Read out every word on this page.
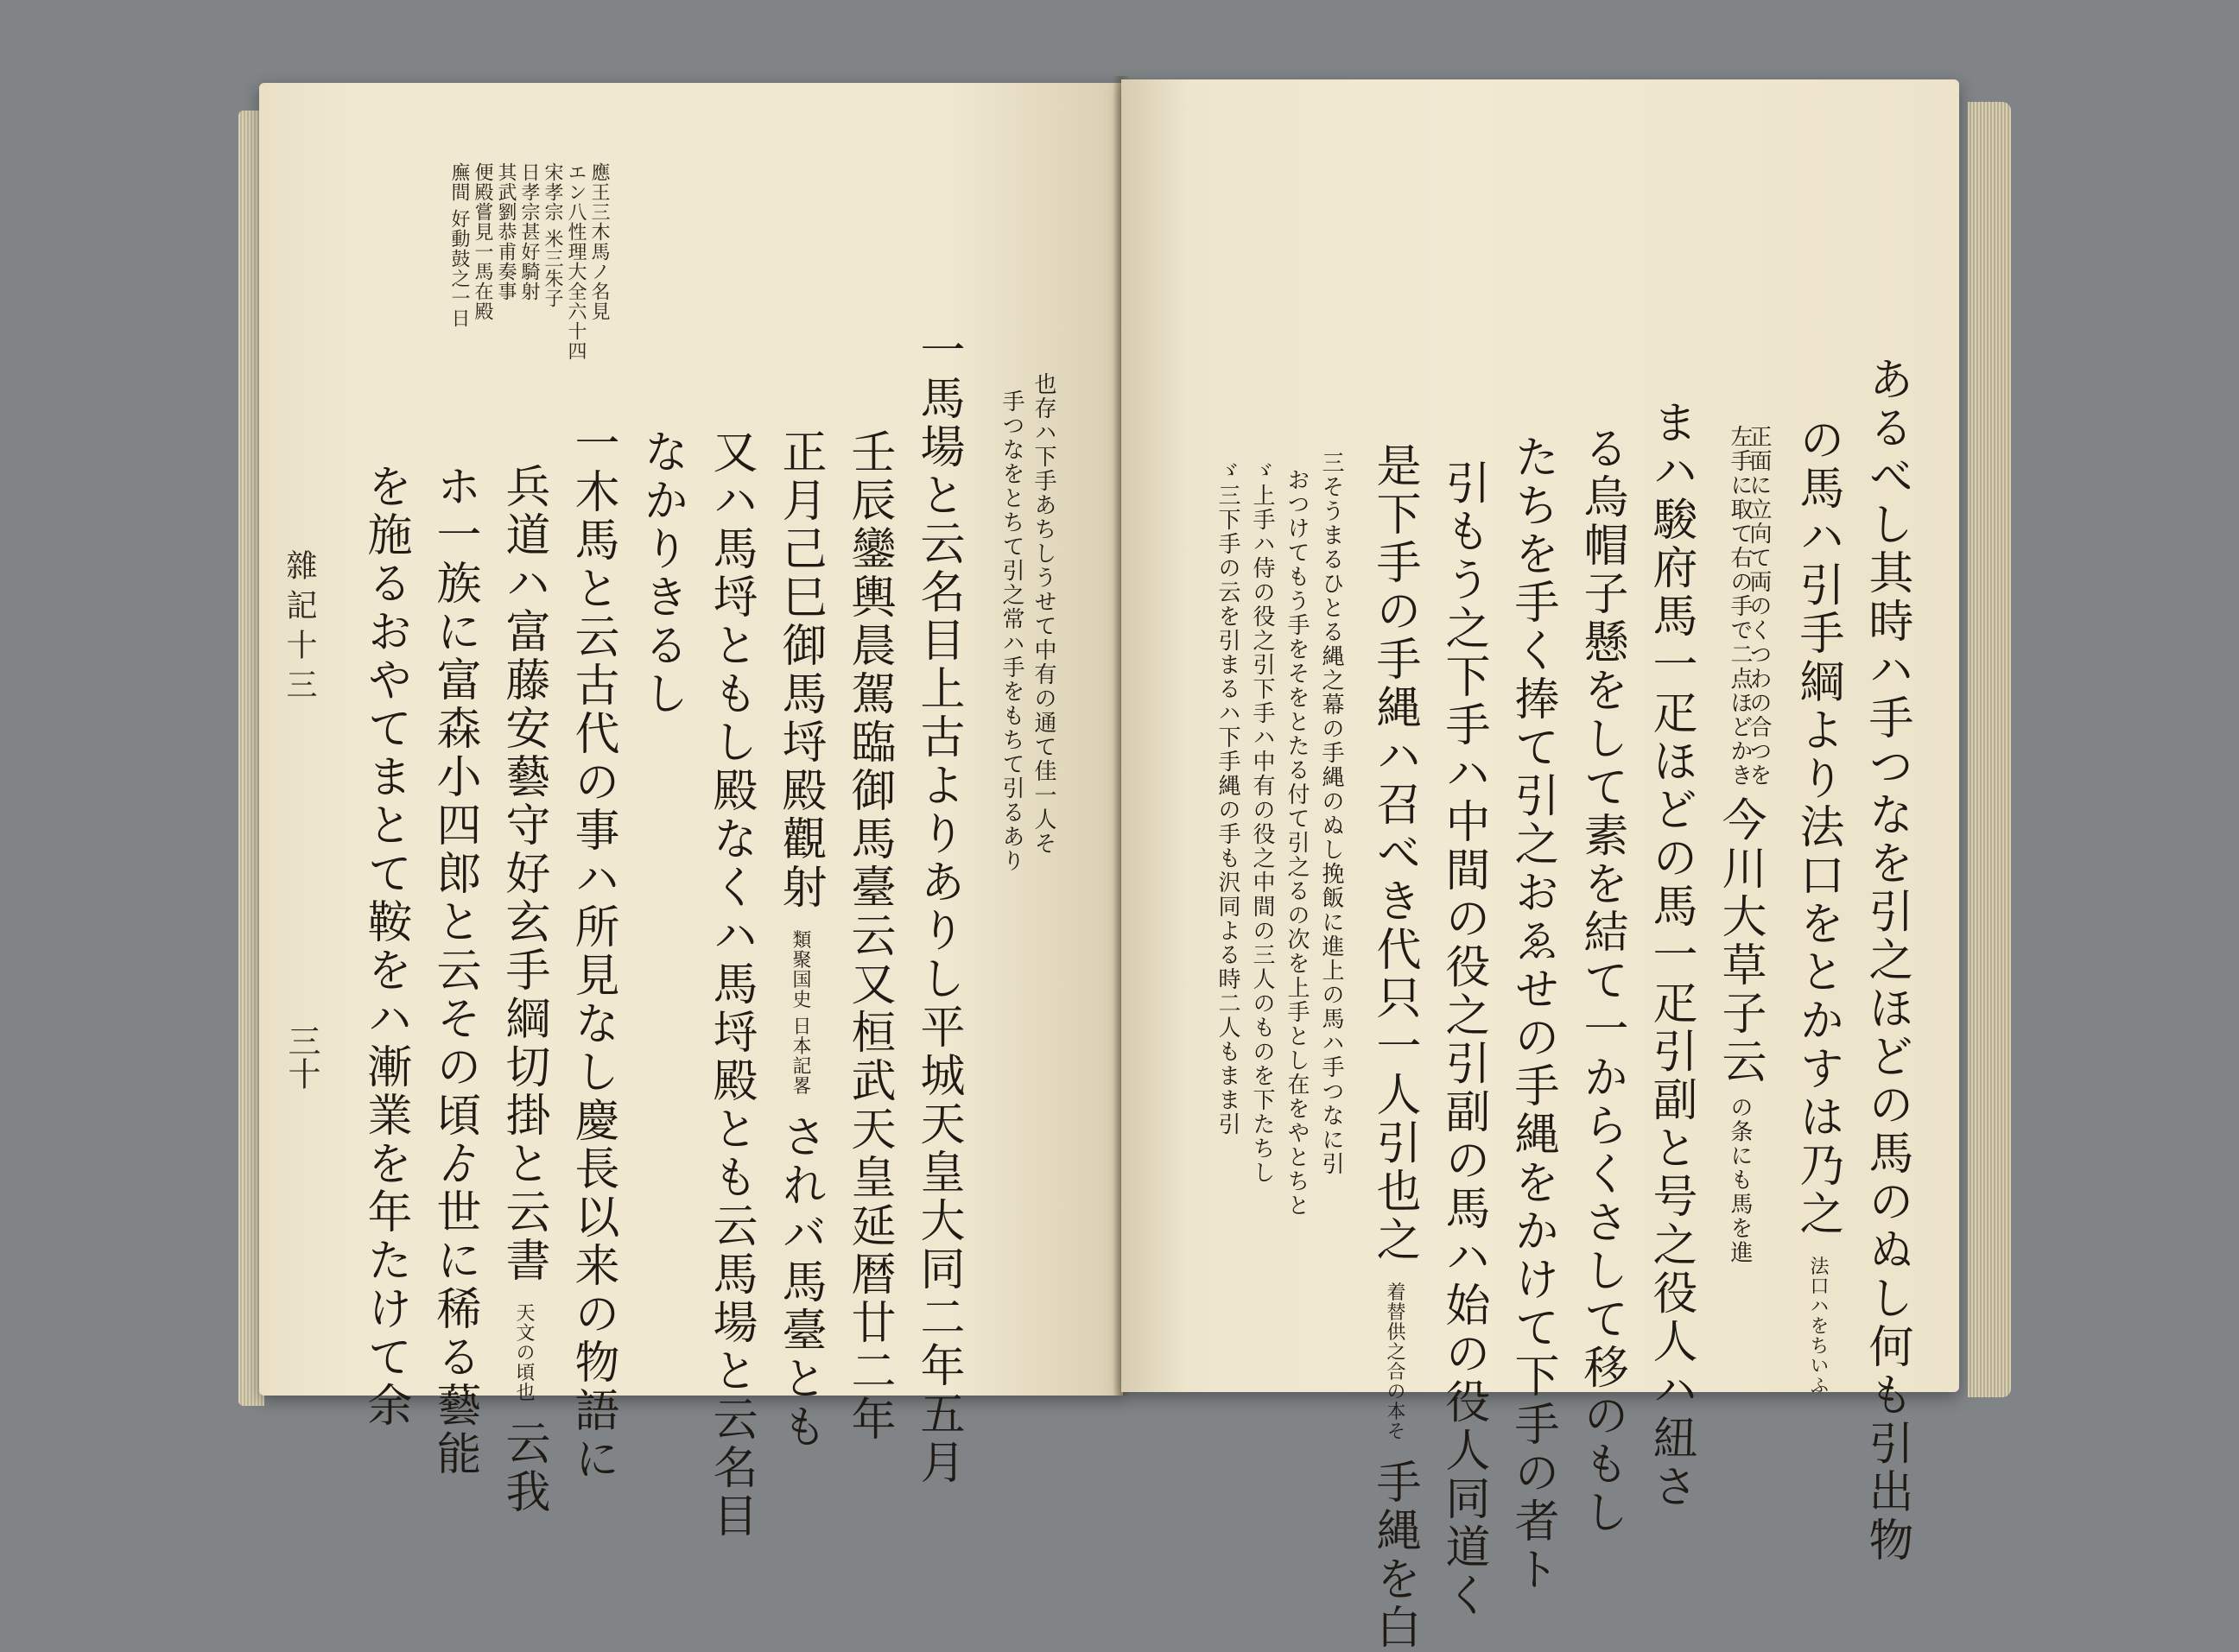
應王三木馬ノ名見
エン八性理大全六十四
宋孝宗 米三朱子
日孝宗甚好騎射
其武劉恭甫奏事
便殿嘗見一馬在殿
廡間 好動鼓之一日
雜記十三
三十
也存ハ下手あちしうせて中有の通て佳一人そ
手つなをとちて引之常ハ手をもちて引るあり
一馬場と云名目上古よりありし平城天皇大同二年五月
壬辰鑾輿晨駕臨御馬臺云又桓武天皇延暦廿二年
正月己巳御馬埒殿觀射 類聚国史 日本記畧 されバ馬臺とも
又ハ馬埒ともし殿なくハ馬埒殿とも云馬場と云名目
なかりきるし
一木馬と云古代の事ハ所見なし慶長以来の物語に
兵道ハ富藤安藝守好玄手綱切掛と云書 天文の頃也 云我
ホ一族に富森小四郎と云その頃ゟ世に稀る藝能
を施るおやてまとて鞍をハ漸業を年たけて余	あるべし其時ハ手つなを引之ほどの馬のぬし何も引出物
の馬ハ引手綱より法口をとかすは乃之 法口ハをちいふ
正面に立向て両のくつわの合つを
左手に取て右の手で二点ほどかき 今川大草子云 の条にも馬を進
まハ駿府馬一疋ほどの馬一疋引副と号之役人ハ紐さ
る烏帽子懸をして素を結て一からくさして移のもし
たちを手く捧て引之おゑせの手縄をかけて下手の者ト
引もう之下手ハ中間の役之引副の馬ハ始の役人同道く
是下手の手縄ハ召べき代只一人引也之 着替供之合の本そ 手縄を白
三そうまるひとる縄之幕の手縄のぬし挽飯に進上の馬ハ手つなに引
おつけてもう手をそをとたる付て引之るの次を上手とし在をやとちと
ゞ上手ハ侍の役之引下手ハ中有の役之中間の三人のものを下たちし
ゞ三下手の云を引まるハ下手縄の手も沢同よる時二人もまま引
